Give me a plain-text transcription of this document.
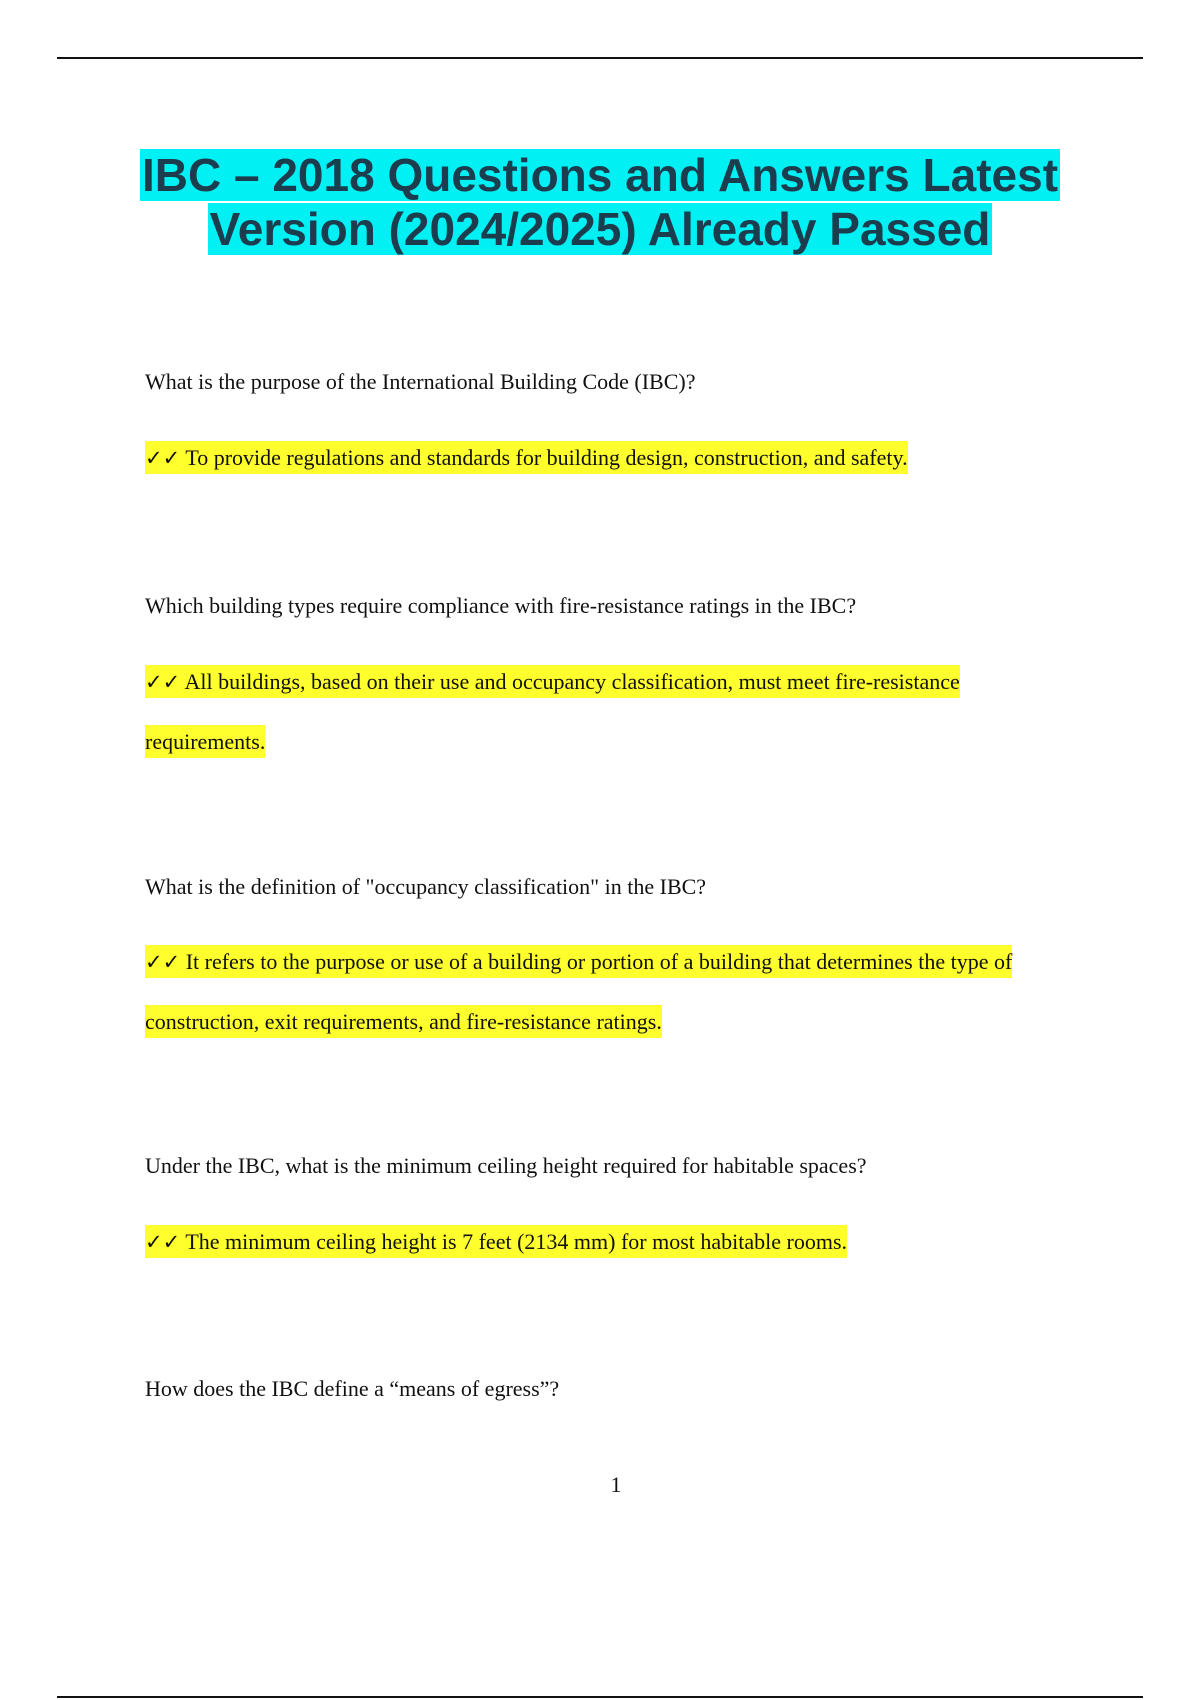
IBC – 2018 Questions and Answers Latest Version (2024/2025) Already Passed

What is the purpose of the International Building Code (IBC)?

✓✓ To provide regulations and standards for building design, construction, and safety.

Which building types require compliance with fire-resistance ratings in the IBC?

✓✓ All buildings, based on their use and occupancy classification, must meet fire-resistance requirements.

What is the definition of "occupancy classification" in the IBC?

✓✓ It refers to the purpose or use of a building or portion of a building that determines the type of construction, exit requirements, and fire-resistance ratings.

Under the IBC, what is the minimum ceiling height required for habitable spaces?

✓✓ The minimum ceiling height is 7 feet (2134 mm) for most habitable rooms.

How does the IBC define a “means of egress”?

1
